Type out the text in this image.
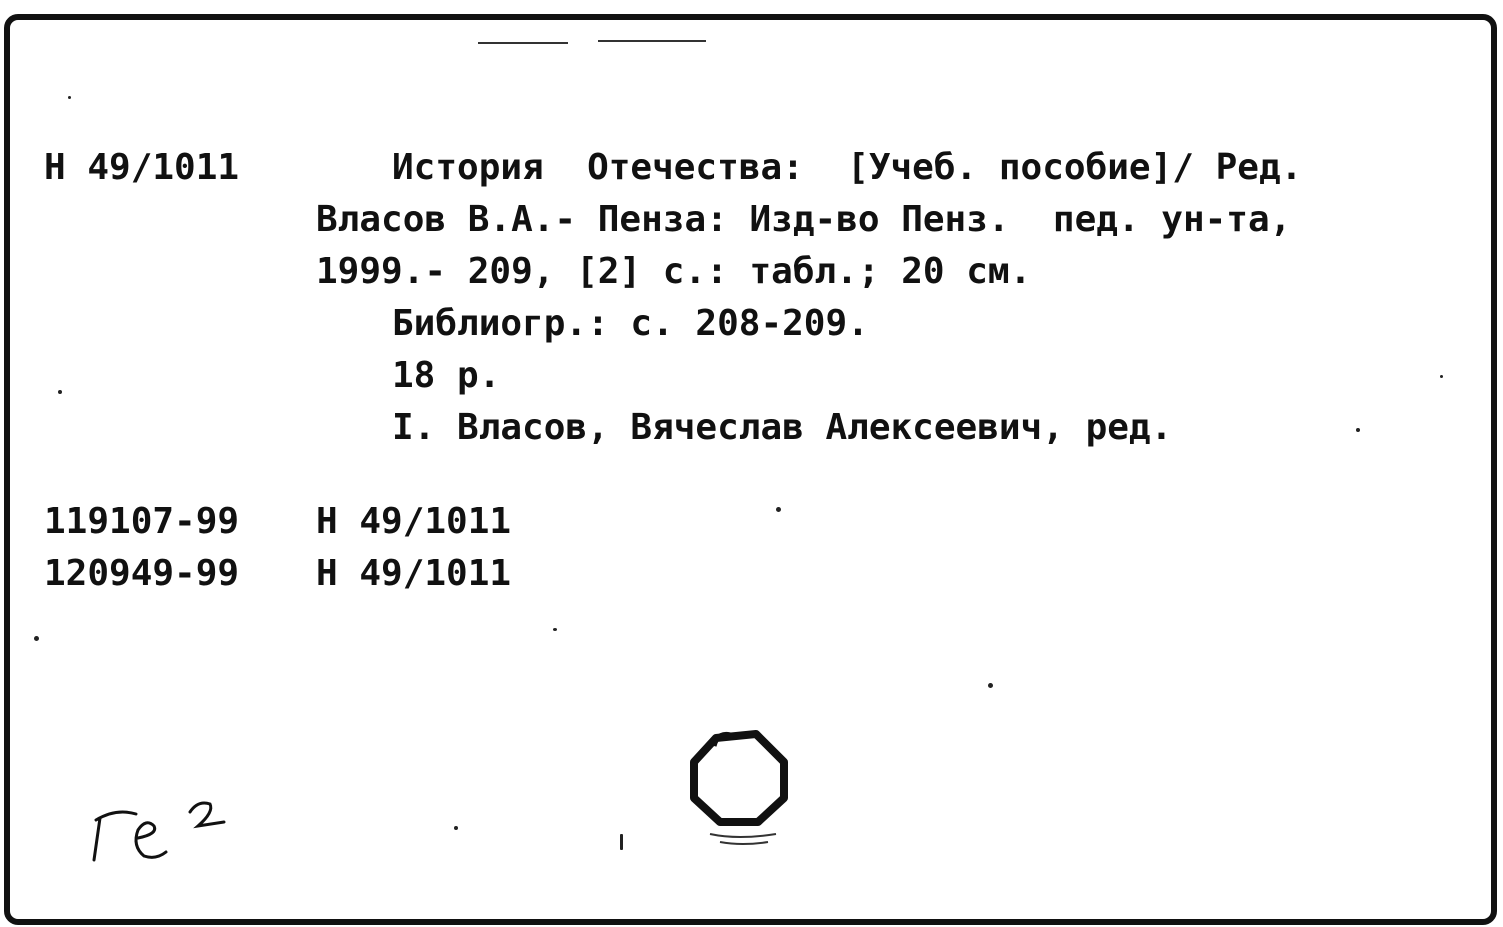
Н 49/1011	История  Отечества:  [Учеб. пособие]/ Ред.
Власов В.А.- Пенза: Изд-во Пенз.  пед. ун-та,
1999.- 209, [2] с.: табл.; 20 см.
Библиогр.: с. 208-209.
18 р.
I. Власов, Вячеслав Алексеевич, ред.
119107-99 Н 49/1011
120949-99 Н 49/1011
